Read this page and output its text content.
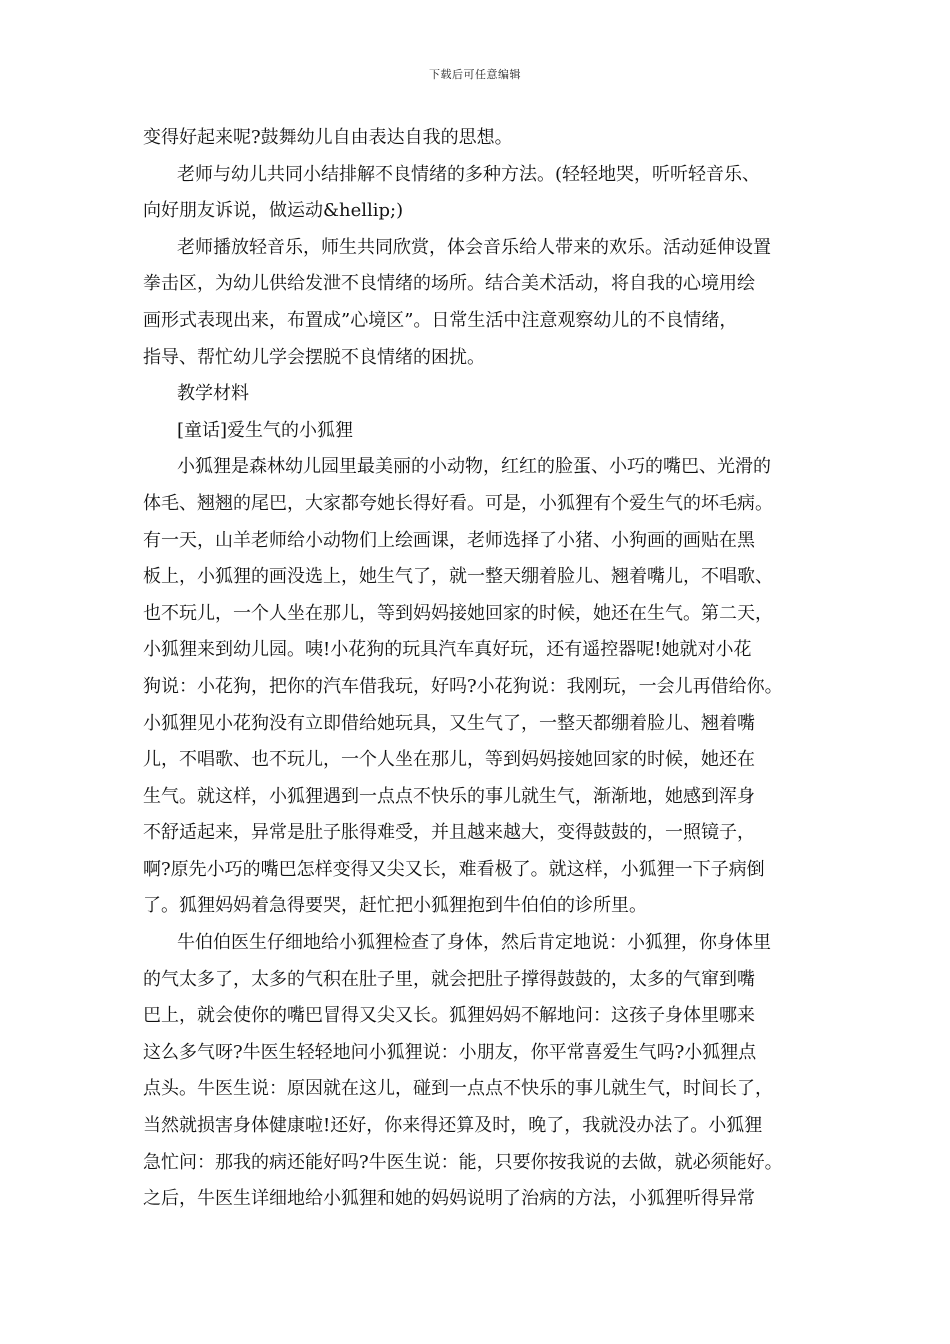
下载后可任意编辑
变得好起来呢?鼓舞幼儿自由表达自我的思想。
老师与幼儿共同小结排解不良情绪的多种方法。(轻轻地哭，听听轻音乐、
向好朋友诉说，做运动&hellip;)
老师播放轻音乐，师生共同欣赏，体会音乐给人带来的欢乐。活动延伸设置
拳击区，为幼儿供给发泄不良情绪的场所。结合美术活动，将自我的心境用绘
画形式表现出来，布置成”心境区”。日常生活中注意观察幼儿的不良情绪，
指导、帮忙幼儿学会摆脱不良情绪的困扰。
教学材料
[童话]爱生气的小狐狸
小狐狸是森林幼儿园里最美丽的小动物，红红的脸蛋、小巧的嘴巴、光滑的
体毛、翘翘的尾巴，大家都夸她长得好看。可是，小狐狸有个爱生气的坏毛病。
有一天，山羊老师给小动物们上绘画课，老师选择了小猪、小狗画的画贴在黑
板上，小狐狸的画没选上，她生气了，就一整天绷着脸儿、翘着嘴儿，不唱歌、
也不玩儿，一个人坐在那儿，等到妈妈接她回家的时候，她还在生气。第二天，
小狐狸来到幼儿园。咦!小花狗的玩具汽车真好玩，还有遥控器呢!她就对小花
狗说：小花狗，把你的汽车借我玩，好吗?小花狗说：我刚玩，一会儿再借给你。
小狐狸见小花狗没有立即借给她玩具，又生气了，一整天都绷着脸儿、翘着嘴
儿，不唱歌、也不玩儿，一个人坐在那儿，等到妈妈接她回家的时候，她还在
生气。就这样，小狐狸遇到一点点不快乐的事儿就生气，渐渐地，她感到浑身
不舒适起来，异常是肚子胀得难受，并且越来越大，变得鼓鼓的，一照镜子，
啊?原先小巧的嘴巴怎样变得又尖又长，难看极了。就这样，小狐狸一下子病倒
了。狐狸妈妈着急得要哭，赶忙把小狐狸抱到牛伯伯的诊所里。
牛伯伯医生仔细地给小狐狸检查了身体，然后肯定地说：小狐狸，你身体里
的气太多了，太多的气积在肚子里，就会把肚子撑得鼓鼓的，太多的气窜到嘴
巴上，就会使你的嘴巴冒得又尖又长。狐狸妈妈不解地问：这孩子身体里哪来
这么多气呀?牛医生轻轻地问小狐狸说：小朋友，你平常喜爱生气吗?小狐狸点
点头。牛医生说：原因就在这儿，碰到一点点不快乐的事儿就生气，时间长了，
当然就损害身体健康啦!还好，你来得还算及时，晚了，我就没办法了。小狐狸
急忙问：那我的病还能好吗?牛医生说：能，只要你按我说的去做，就必须能好。
之后，牛医生详细地给小狐狸和她的妈妈说明了治病的方法，小狐狸听得异常
